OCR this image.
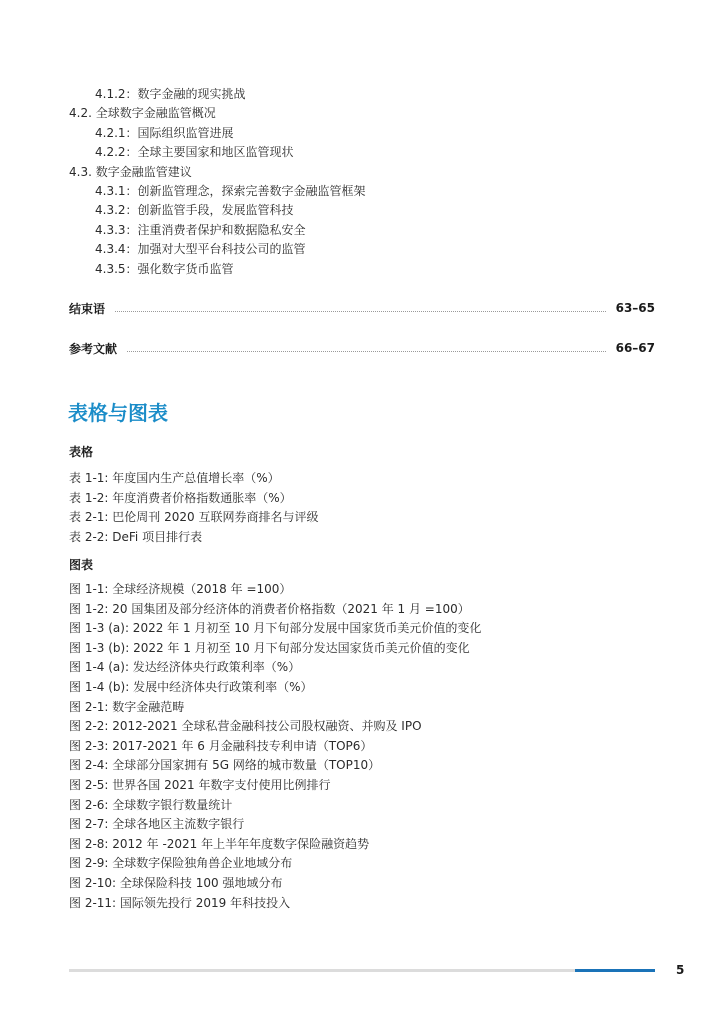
4.1.2：数字金融的现实挑战
4.2. 全球数字金融监管概况
4.2.1：国际组织监管进展
4.2.2：全球主要国家和地区监管现状
4.3. 数字金融监管建议
4.3.1：创新监管理念，探索完善数字金融监管框架
4.3.2：创新监管手段，发展监管科技
4.3.3：注重消费者保护和数据隐私安全
4.3.4：加强对大型平台科技公司的监管
4.3.5：强化数字货币监管
结束语	63–65
参考文献	66–67
表格与图表
表格
表 1-1: 年度国内生产总值增长率（%）
表 1-2: 年度消费者价格指数通胀率（%）
表 2-1: 巴伦周刊 2020 互联网券商排名与评级
表 2-2: DeFi 项目排行表
图表
图 1-1: 全球经济规模（2018 年 =100）
图 1-2: 20 国集团及部分经济体的消费者价格指数（2021 年 1 月 =100）
图 1-3 (a): 2022 年 1 月初至 10 月下旬部分发展中国家货币美元价值的变化
图 1-3 (b): 2022 年 1 月初至 10 月下旬部分发达国家货币美元价值的变化
图 1-4 (a): 发达经济体央行政策利率（%）
图 1-4 (b): 发展中经济体央行政策利率（%）
图 2-1: 数字金融范畴
图 2-2: 2012-2021 全球私营金融科技公司股权融资、并购及 IPO
图 2-3: 2017-2021 年 6 月金融科技专利申请（TOP6）
图 2-4: 全球部分国家拥有 5G 网络的城市数量（TOP10）
图 2-5: 世界各国 2021 年数字支付使用比例排行
图 2-6: 全球数字银行数量统计
图 2-7: 全球各地区主流数字银行
图 2-8: 2012 年 -2021 年上半年年度数字保险融资趋势
图 2-9: 全球数字保险独角兽企业地域分布
图 2-10: 全球保险科技 100 强地域分布
图 2-11: 国际领先投行 2019 年科技投入
5
